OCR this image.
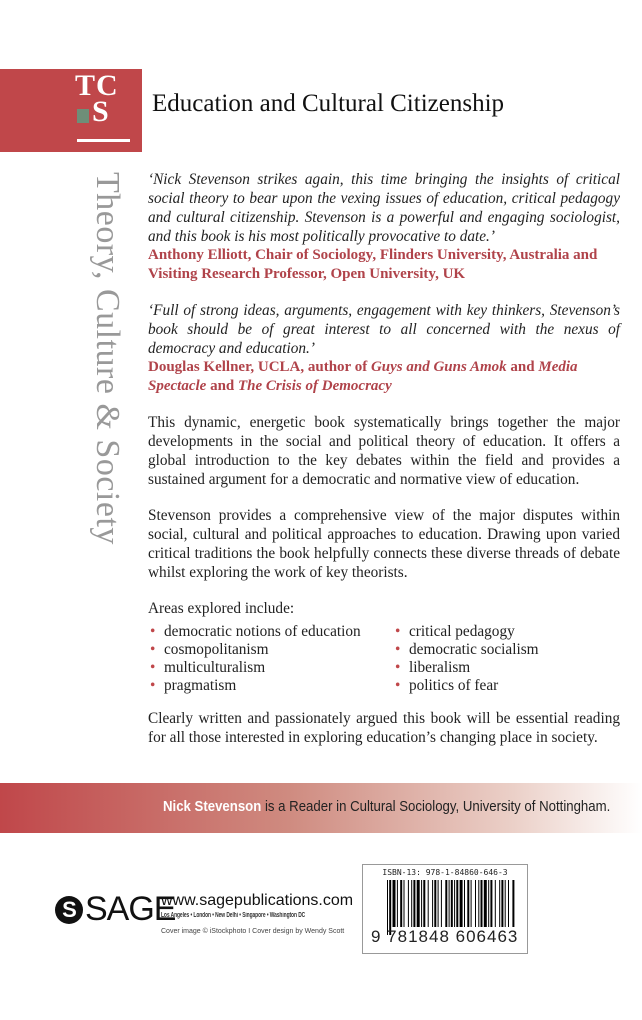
TC
S Education and Cultural Citizenship
Theory, Culture & Society ‘Nick Stevenson strikes again, this time bringing the insights of critical social theory to bear upon the vexing issues of education, critical pedagogy and cultural citizenship. Stevenson is a powerful and engaging sociologist, and this book is his most politically provocative to date.’

Anthony Elliott, Chair of Sociology, Flinders University, Australia and Visiting Research Professor, Open University, UK

‘Full of strong ideas, arguments, engagement with key thinkers, Stevenson’s book should be of great interest to all concerned with the nexus of democracy and education.’

Douglas Kellner, UCLA, author of Guys and Guns Amok and Media Spectacle and The Crisis of Democracy

This dynamic, energetic book systematically brings together the major developments in the social and political theory of education. It offers a global introduction to the key debates within the field and provides a sustained argument for a democratic and normative view of education.

Stevenson provides a comprehensive view of the major disputes within social, cultural and political approaches to education. Drawing upon varied critical traditions the book helpfully connects these diverse threads of debate whilst exploring the work of key theorists.

Areas explored include:

• democratic notions of education
• cosmopolitanism
• multiculturalism
• pragmatism
• critical pedagogy
• democratic socialism
• liberalism
• politics of fear

Clearly written and passionately argued this book will be essential reading for all those interested in exploring education’s changing place in society.

Nick Stevenson is a Reader in Cultural Sociology, University of Nottingham.
S SAGE
www.sagepublications.com
Los Angeles • London • New Delhi • Singapore • Washington DC
Cover image © iStockphoto I Cover design by Wendy Scott
ISBN-13: 978-1-84860-646-3
9 781848 606463
